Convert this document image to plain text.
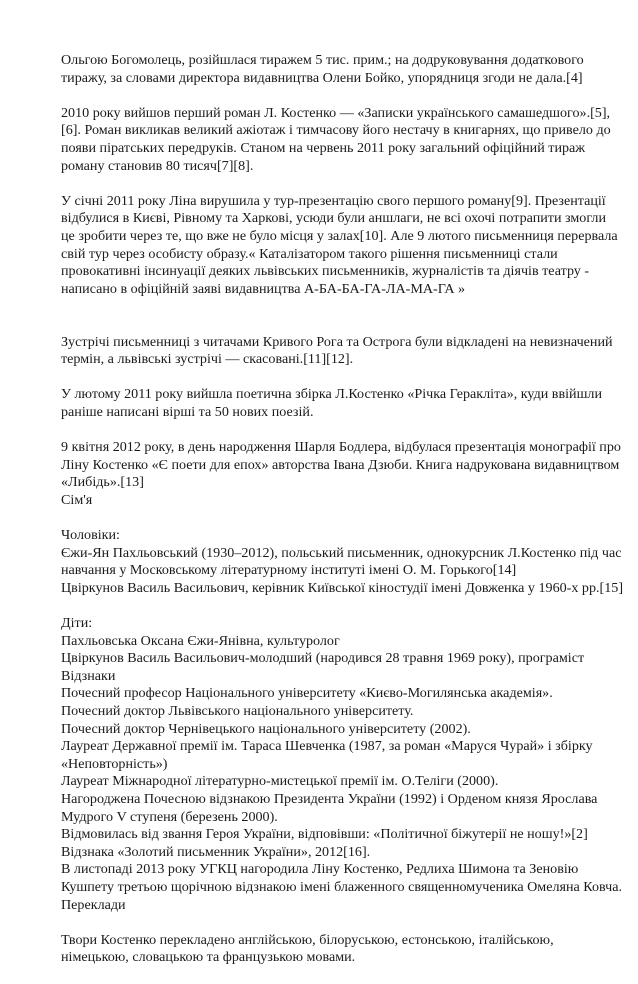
Ольгою Богомолець, розійшлася тиражем 5 тис. прим.; на додруковування додаткового
тиражу, за словами директора видавництва Олени Бойко, упорядниця згоди не дала.[4]

2010 року вийшов перший роман Л. Костенко — «Записки українського самашедшого».[5],
[6]. Роман викликав великий ажіотаж і тимчасову його нестачу в книгарнях, що привело до
появи піратських передруків. Станом на червень 2011 року загальний офіційний тираж
роману становив 80 тисяч[7][8].

У січні 2011 року Ліна вирушила у тур-презентацію свого першого роману[9]. Презентації
відбулися в Києві, Рівному та Харкові, усюди були аншлаги, не всі охочі потрапити змогли
це зробити через те, що вже не було місця у залах[10]. Але 9 лютого письменниця перервала
свій тур через особисту образу.« Каталізатором такого рішення письменниці стали
провокативні інсинуації деяких львівських письменників, журналістів та діячів театру -
написано в офіційній заяві видавництва А-БА-БА-ГА-ЛА-МА-ГА »

Зустрічі письменниці з читачами Кривого Рога та Острога були відкладені на невизначений
термін, а львівські зустрічі — скасовані.[11][12].

У лютому 2011 року вийшла поетична збірка Л.Костенко «Річка Геракліта», куди ввійшли
раніше написані вірші та 50 нових поезій.

9 квітня 2012 року, в день народження Шарля Бодлера, відбулася презентація монографії про
Ліну Костенко «Є поети для епох» авторства Івана Дзюби. Книга надрукована видавництвом
«Либідь».[13]
Сім'я

Чоловіки:
Єжи-Ян Пахльовський (1930–2012), польський письменник, однокурсник Л.Костенко під час
навчання у Московському літературному інституті імені О. М. Горького[14]
Цвіркунов Василь Васильович, керівник Київської кіностудії імені Довженка у 1960-х рр.[15]

Діти:
Пахльовська Оксана Єжи-Янівна, культуролог
Цвіркунов Василь Васильович-молодший (народився 28 травня 1969 року), програміст
Відзнаки
Почесний професор Національного університету «Києво-Могилянська академія».
Почесний доктор Львівського національного університету.
Почесний доктор Чернівецького національного університету (2002).
Лауреат Державної премії ім. Тараса Шевченка (1987, за роман «Маруся Чурай» і збірку
«Неповторність»)
Лауреат Міжнародної літературно-мистецької премії ім. О.Теліги (2000).
Нагороджена Почесною відзнакою Президента України (1992) і Орденом князя Ярослава
Мудрого V ступеня (березень 2000).
Відмовилась від звання Героя України, відповівши: «Політичної біжутерії не ношу!»[2]
Відзнака «Золотий письменник України», 2012[16].
В листопаді 2013 року УГКЦ нагородила Ліну Костенко, Редлиха Шимона та Зеновію
Кушпету третьою щорічною відзнакою імені блаженного священномученика Омеляна Ковча.
Переклади

Твори Костенко перекладено англійською, білоруською, естонською, італійською,
німецькою, словацькою та французькою мовами.
